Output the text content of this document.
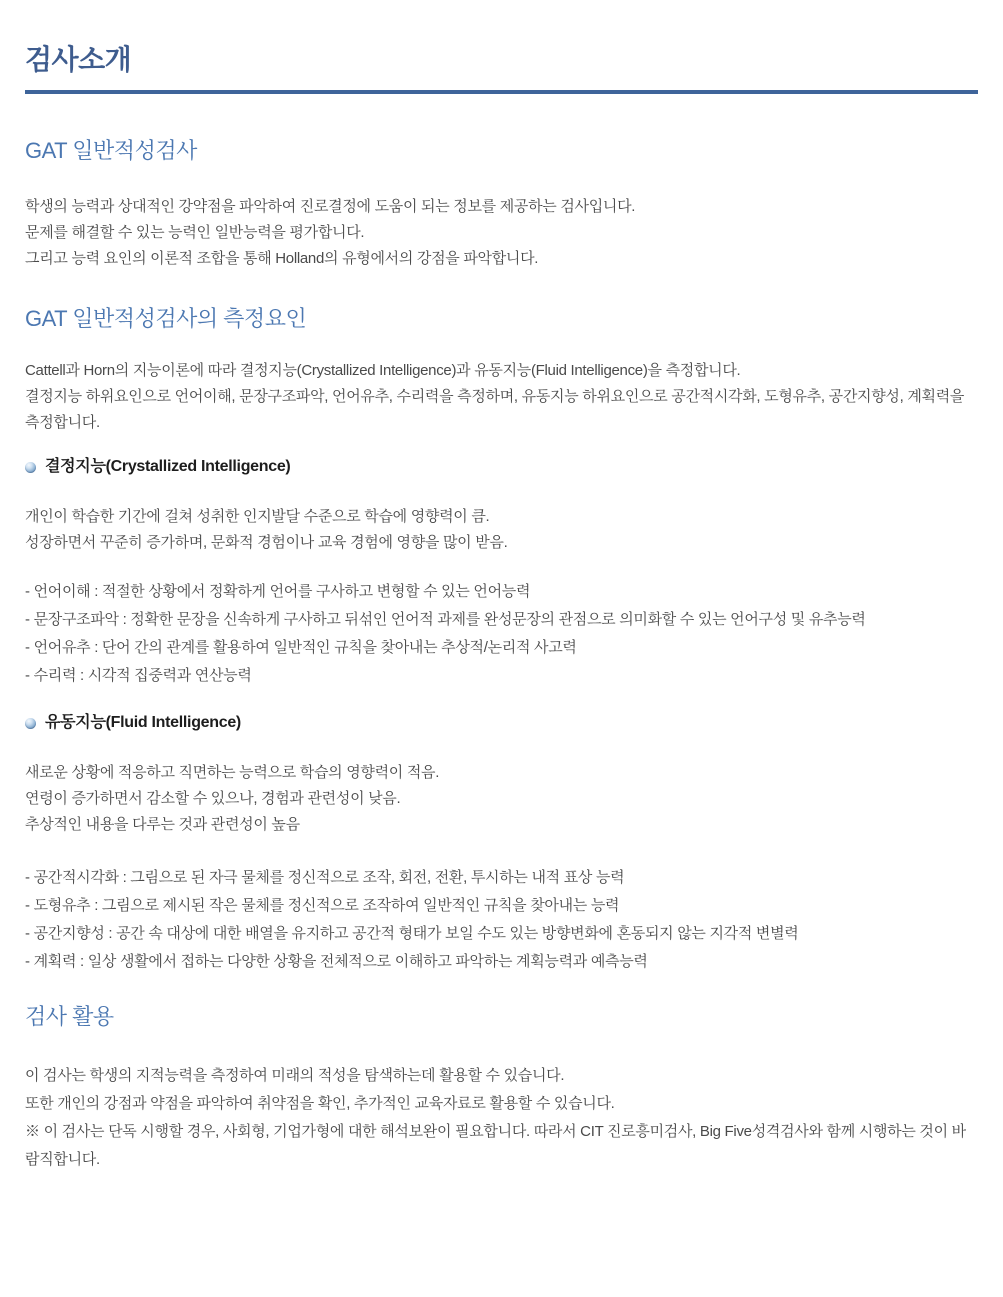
검사소개
GAT 일반적성검사
학생의 능력과 상대적인 강약점을 파악하여 진로결정에 도움이 되는 정보를 제공하는 검사입니다.
문제를 해결할 수 있는 능력인 일반능력을 평가합니다.
그리고 능력 요인의 이론적 조합을 통해 Holland의 유형에서의 강점을 파악합니다.
GAT 일반적성검사의 측정요인
Cattell과 Horn의 지능이론에 따라 결정지능(Crystallized Intelligence)과 유동지능(Fluid Intelligence)을 측정합니다.
결정지능 하위요인으로 언어이해, 문장구조파악, 언어유추, 수리력을 측정하며, 유동지능 하위요인으로 공간적시각화, 도형유추, 공간지향성, 계획력을 측정합니다.
결정지능(Crystallized Intelligence)
개인이 학습한 기간에 걸쳐 성취한 인지발달 수준으로 학습에 영향력이 큼.
성장하면서 꾸준히 증가하며, 문화적 경험이나 교육 경험에 영향을 많이 받음.
- 언어이해 : 적절한 상황에서 정확하게 언어를 구사하고 변형할 수 있는 언어능력
- 문장구조파악 : 정확한 문장을 신속하게 구사하고 뒤섞인 언어적 과제를 완성문장의 관점으로 의미화할 수 있는 언어구성 및 유추능력
- 언어유추 : 단어 간의 관계를 활용하여 일반적인 규칙을 찾아내는 추상적/논리적 사고력
- 수리력 : 시각적 집중력과 연산능력
유동지능(Fluid Intelligence)
새로운 상황에 적응하고 직면하는 능력으로 학습의 영향력이 적음.
연령이 증가하면서 감소할 수 있으나, 경험과 관련성이 낮음.
추상적인 내용을 다루는 것과 관련성이 높음
- 공간적시각화 : 그림으로 된 자극 물체를 정신적으로 조작, 회전, 전환, 투시하는 내적 표상 능력
- 도형유추 : 그림으로 제시된 작은 물체를 정신적으로 조작하여 일반적인 규칙을 찾아내는 능력
- 공간지향성 : 공간 속 대상에 대한 배열을 유지하고 공간적 형태가 보일 수도 있는 방향변화에 혼동되지 않는 지각적 변별력
- 계획력 : 일상 생활에서 접하는 다양한 상황을 전체적으로 이해하고 파악하는 계획능력과 예측능력
검사 활용
이 검사는 학생의 지적능력을 측정하여 미래의 적성을 탐색하는데 활용할 수 있습니다.
또한 개인의 강점과 약점을 파악하여 취약점을 확인, 추가적인 교육자료로 활용할 수 있습니다.
※ 이 검사는 단독 시행할 경우, 사회형, 기업가형에 대한 해석보완이 필요합니다. 따라서 CIT 진로흥미검사, Big Five성격검사와 함께 시행하는 것이 바람직합니다.
